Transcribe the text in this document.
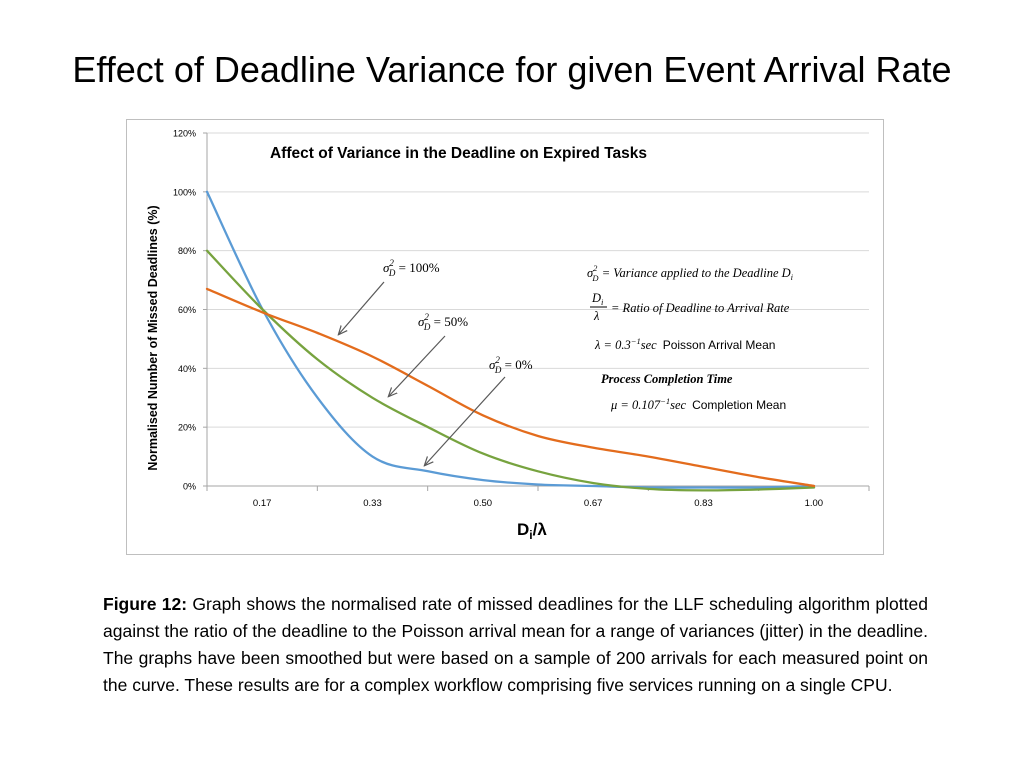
Effect of Deadline Variance for given Event Arrival Rate
0%
20%
40%
60%
80%
100%
120%
0.17	0.33	0.50	0.67	0.83	1.00
Affect of Variance in the Deadline on Expired Tasks
Normalised Number of Missed Deadlines (%)
$D_i/\lambda$
$\sigma^2$ D = 100%
$\sigma^2$ D = 50%
$\sigma^2$ D = 0%
$\sigma^2$ D = Variance applied to the Deadline $D_i$
$D_i$
λ
= Ratio of Deadline to Arrival Rate
$\lambda = 0.3^{-1}\sec$ Poisson Arrival Mean
Process Completion Time
$\mu = 0.107^{-1}\sec$ Completion Mean
Figure 12: Graph shows the normalised rate of missed deadlines for the LLF scheduling algorithm plotted against the ratio of the deadline to the Poisson arrival mean for a range of variances (jitter) in the deadline. The graphs have been smoothed but were based on a sample of 200 arrivals for each measured point on the curve. These results are for a complex workflow comprising five services running on a single CPU.
